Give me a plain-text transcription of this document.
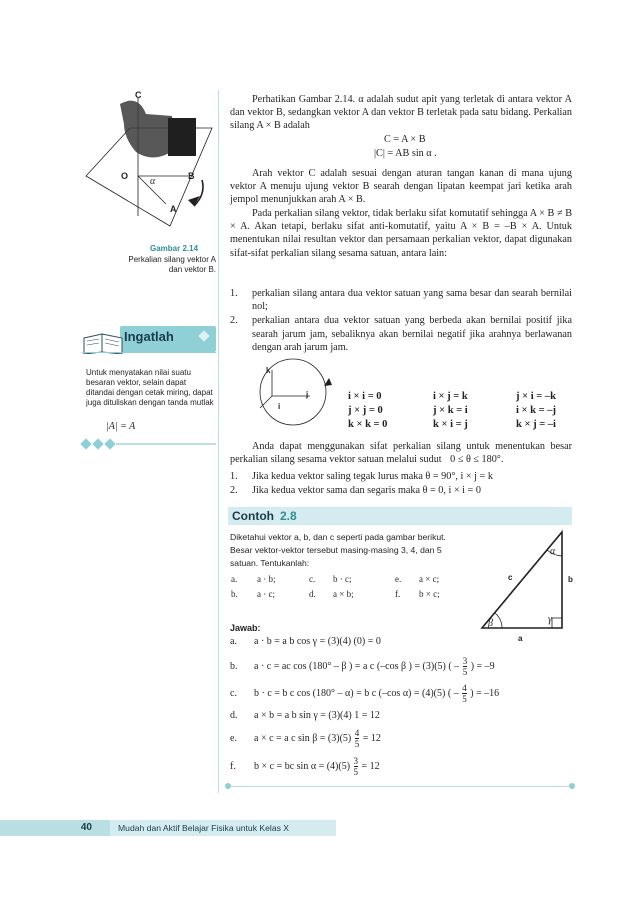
C
O	B
A
α
Gambar 2.14
Perkalian silang vektor A
dan vektor B.
Ingatlah
Untuk menyatakan nilai suatu besaran vektor, selain dapat ditandai dengan cetak miring, dapat juga dituliskan dengan tanda mutlak
|A| = A
Perhatikan Gambar 2.14. α adalah sudut apit yang terletak di antara vektor A dan vektor B, sedangkan vektor A dan vektor B terletak pada satu bidang. Perkalian silang A × B adalah
C = A × B
|C| = AB sin α .
Arah vektor C adalah sesuai dengan aturan tangan kanan di mana ujung vektor A menuju ujung vektor B searah dengan lipatan keempat jari ketika arah jempol menunjukkan arah A × B.
Pada perkalian silang vektor, tidak berlaku sifat komutatif sehingga A × B ≠ B × A. Akan tetapi, berlaku sifat anti-komutatif, yaitu A × B = –B × A. Untuk menentukan nilai resultan vektor dan persamaan perkalian vektor, dapat digunakan sifat-sifat perkalian silang sesama satuan, antara lain:
1. perkalian silang antara dua vektor satuan yang sama besar dan searah bernilai nol;
2. perkalian antara dua vektor satuan yang berbeda akan bernilai positif jika searah jarum jam, sebaliknya akan bernilai negatif jika arahnya berlawanan dengan arah jarum jam.
k
j
i
i × i = 0	i × j = k	j × i = –k
j × j = 0	j × k = i	i × k = –j
k × k = 0	k × i = j	k × j = –i
Anda dapat menggunakan sifat perkalian silang untuk menentukan besar perkalian silang sesama vektor satuan melalui sudut 0 ≤ θ ≤ 180°.
1. Jika kedua vektor saling tegak lurus maka θ = 90°, i × j = k
2. Jika kedua vektor sama dan segaris maka θ = 0, i × i = 0
Contoh 2.8
Diketahui vektor a, b, dan c seperti pada gambar berikut.
Besar vektor-vektor tersebut masing-masing 3, 4, dan 5
satuan. Tentukanlah:
a.	a · b;	c.	b · c;	e.	a × c;
b.	a · c;	d.	a × b;	f.	b × c;
α
β	γ
a
b
c
Jawab:
a. a · b = a b cos γ = (3)(4) (0) = 0
b. a · c = ac cos (180° – β ) = a c (–cos β ) = (3)(5) ( – $\frac{3}{5}$ ) = –9
c. b · c = b c cos (180° – α) = b c (–cos α) = (4)(5) ( – $\frac{4}{5}$ ) = –16
d. a × b = a b sin γ = (3)(4) 1 = 12
e. a × c = a c $\sin \beta = (3)(5) \frac{4}{5} = 12$
f. b × c = bc $\sin \alpha = (4)(5) \frac{3}{5} = 12$
40	Mudah dan Aktif Belajar Fisika untuk Kelas X
